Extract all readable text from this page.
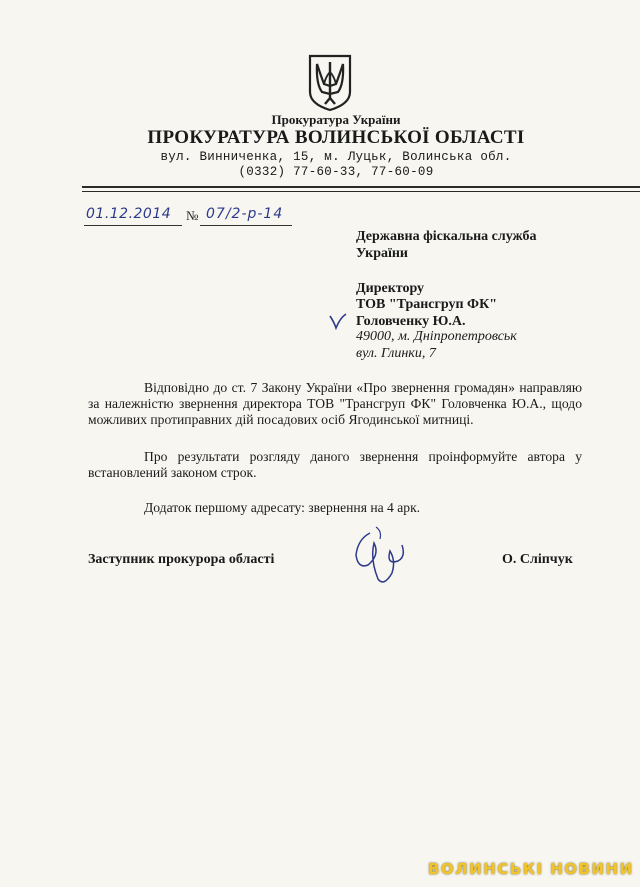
Прокуратура України
ПРОКУРАТУРА ВОЛИНСЬКОЇ ОБЛАСТІ
вул. Винниченка, 15, м. Луцьк, Волинська обл.
(0332) 77-60-33, 77-60-09
01.12.2014 № 07/2-р-14
Державна фіскальна служба
України
Директору
ТОВ "Трансгруп ФК"
Головченку Ю.А.
49000, м. Дніпропетровськ
вул. Глинки, 7
Відповідно до ст. 7 Закону України «Про звернення громадян» направляю за належністю звернення директора ТОВ "Трансгруп ФК" Головченка Ю.А., щодо можливих протиправних дій посадових осіб Ягодинської митниці.
Про результати розгляду даного звернення проінформуйте автора у встановлений законом строк.
Додаток першому адресату: звернення на 4 арк.
Заступник прокурора області	О. Сліпчук
ВОЛИНСЬКІ НОВИНИ
